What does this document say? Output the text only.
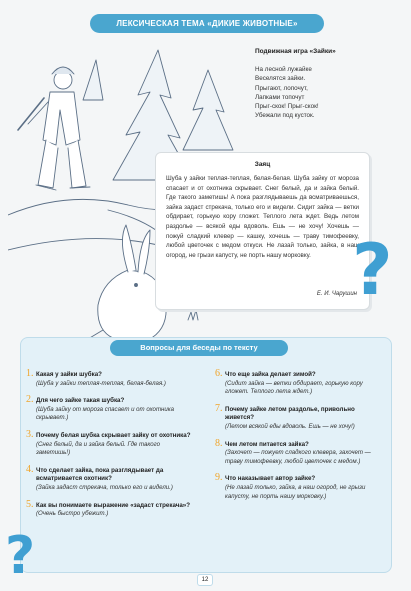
ЛЕКСИЧЕСКАЯ ТЕМА «ДИКИЕ ЖИВОТНЫЕ»
Подвижная игра «Зайки»
На лесной лужайке
Веселятся зайки.
Прыгают, лопочут,
Лапками топочут
Прыг-скок! Прыг-скок!
Убежали под кусток.
Заяц
Шуба у зайки теплая-теплая, белая-белая. Шуба зайку от мороза спасает и от охотника скрывает. Снег белый, да и зайка белый. Где такого заметишь! А пока разглядываешь да всматриваешься, зайка задаст стрекача, только его и видели. Сидит зайка — ветки обдирает, горькую кору гложет. Теплого лета ждет. Ведь летом раздолье — всякой еды вдоволь. Ешь — не хочу! Хочешь — пожуй сладкий клевер — кашку, хочешь — траву тимофеевку, любой цветочек с медом откуси. Не лазай только, зайка, в наш огород, не грызи капусту, не порть нашу морковку.
Е. И. Чарушин
Вопросы для беседы по тексту
?
?
1. Какая у зайки шубка?
(Шуба у зайки теплая-теплая, белая-белая.)
2. Для чего зайке такая шубка?
(Шуба зайку от мороза спасает и от охотника скрывает.)
3. Почему белая шубка скрывает зайку от охотника?
(Снег белый, да и зайка белый. Где такого заметишь!)
4. Что сделает зайка, пока разглядывает да всматривается охотник?
(Зайка задаст стрекача, только его и видели.)
5. Как вы понимаете выражение «задаст стрекача»?
(Очень быстро убежит.)
6. Что еще зайка делает зимой?
(Сидит зайка — ветки обдирает, горькую кору гложет. Теплого лета ждет.)
7. Почему зайке летом раздолье, привольно живется?
(Летом всякой еды вдоволь. Ешь — не хочу!)
8. Чем летом питается зайка?
(Захочет — пожует сладкого клевера, захочет — траву тимофеевку, любой цветочек с медом.)
9. Что наказывает автор зайке?
(Не лазай только, зайка, в наш огород, не грызи капусту, не порть нашу морковку.)
12
